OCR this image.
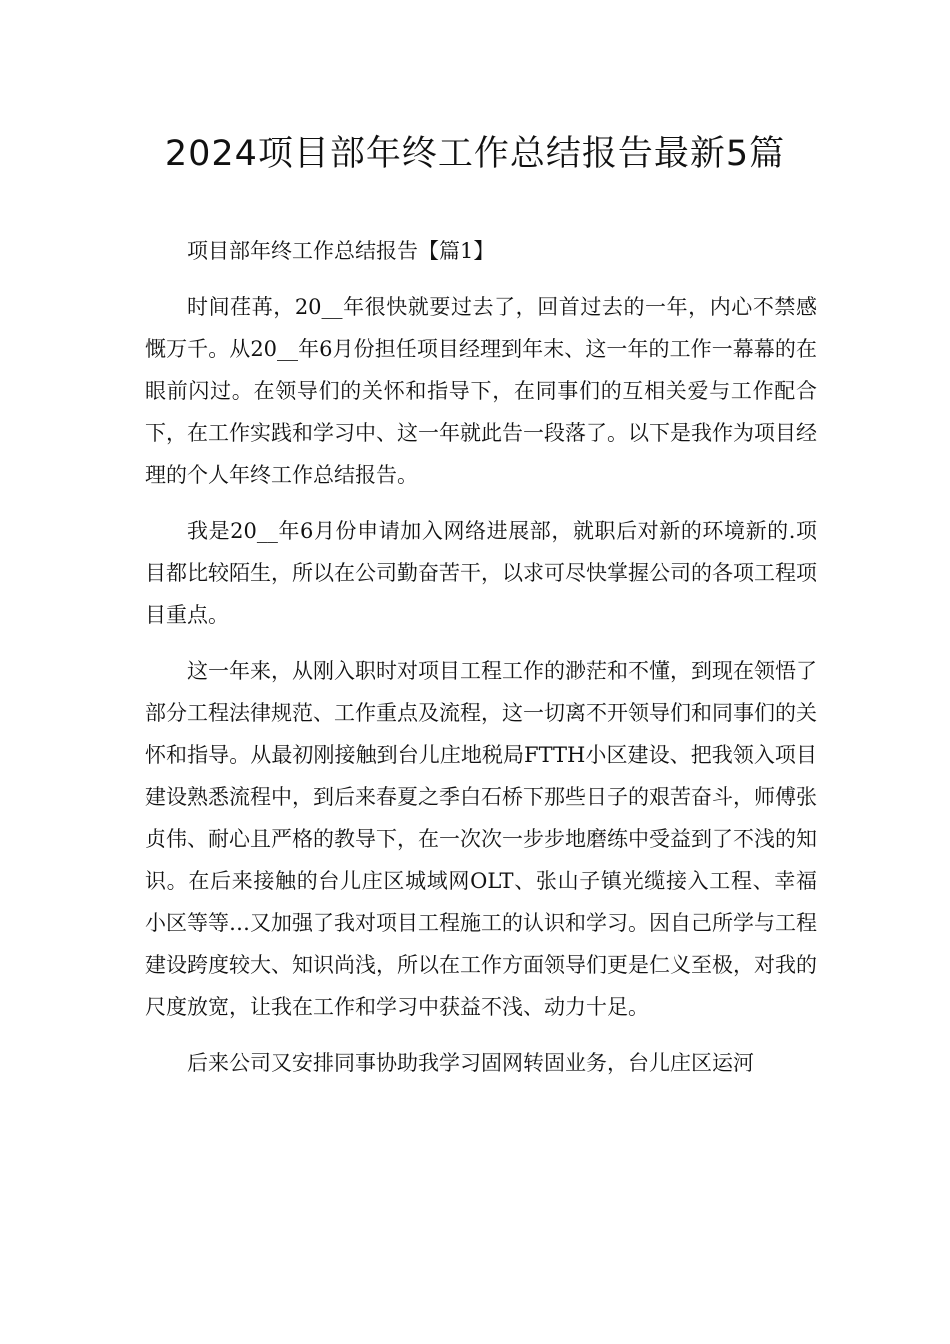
2024项目部年终工作总结报告最新5篇

项目部年终工作总结报告【篇1】

时间荏苒，20__年很快就要过去了，回首过去的一年，内心不禁感慨万千。从20__年6月份担任项目经理到年末、这一年的工作一幕幕的在眼前闪过。在领导们的关怀和指导下，在同事们的互相关爱与工作配合下，在工作实践和学习中、这一年就此告一段落了。以下是我作为项目经理的个人年终工作总结报告。

我是20__年6月份申请加入网络进展部，就职后对新的环境新的.项目都比较陌生，所以在公司勤奋苦干，以求可尽快掌握公司的各项工程项目重点。

这一年来，从刚入职时对项目工程工作的渺茫和不懂，到现在领悟了部分工程法律规范、工作重点及流程，这一切离不开领导们和同事们的关怀和指导。从最初刚接触到台儿庄地税局FTTH小区建设、把我领入项目建设熟悉流程中，到后来春夏之季白石桥下那些日子的艰苦奋斗，师傅张贞伟、耐心且严格的教导下，在一次次一步步地磨练中受益到了不浅的知识。在后来接触的台儿庄区城域网OLT、张山子镇光缆接入工程、幸福小区等等…又加强了我对项目工程施工的认识和学习。因自己所学与工程建设跨度较大、知识尚浅，所以在工作方面领导们更是仁义至极，对我的尺度放宽，让我在工作和学习中获益不浅、动力十足。

后来公司又安排同事协助我学习固网转固业务，台儿庄区运河
